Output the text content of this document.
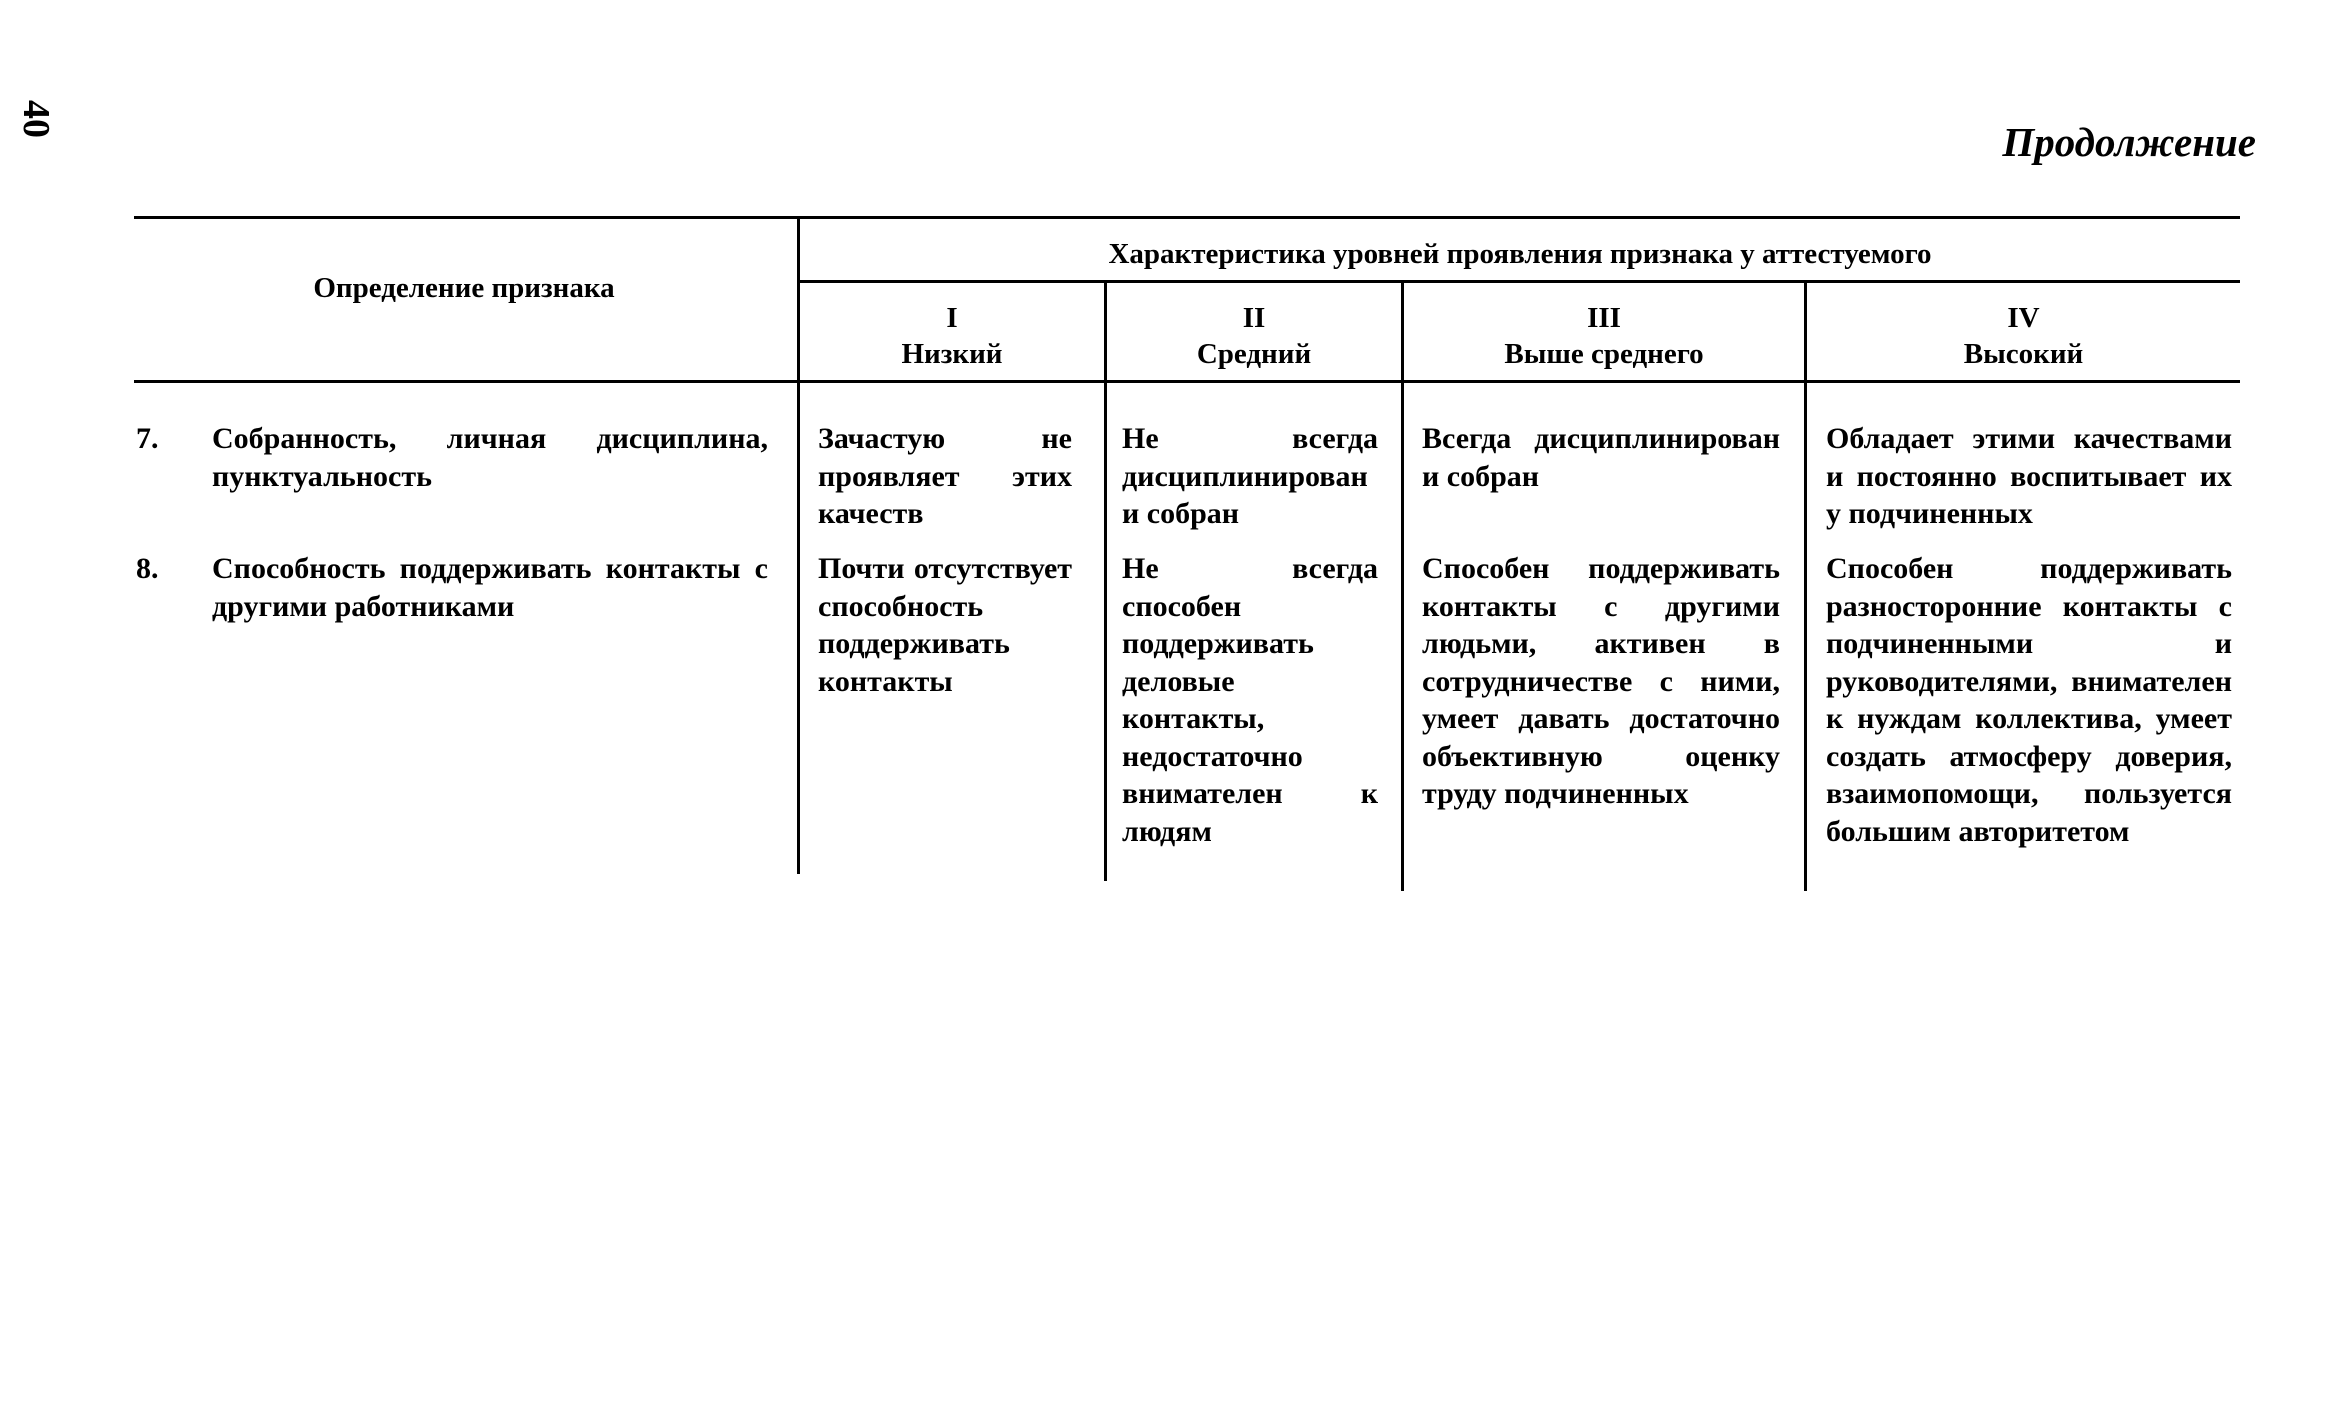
40	Продолжение
Определение признака
Характеристика уровней проявления признака у аттестуемого
I
Низкий
II
Средний
III
Выше среднего
IV
Высокий
7. Собранность, личная дисциплина, пунктуальность
Зачастую не проявляет этих качеств
Не всегда дисциплинирован и собран
Всегда дисциплинирован и собран
Обладает этими качествами и постоянно воспитывает их у подчиненных
8. Способность поддерживать контакты с другими работниками
Почти отсутствует способность поддерживать контакты
Не всегда способен поддерживать деловые контакты, недостаточно внимателен к людям
Способен поддерживать контакты с другими людьми, активен в сотрудничестве с ними, умеет давать достаточно объективную оценку труду подчиненных
Способен поддерживать разносторонние контакты с подчиненными и руководителями, внимателен к нуждам коллектива, умеет создать атмосферу доверия, взаимопомощи, пользуется большим авторитетом
